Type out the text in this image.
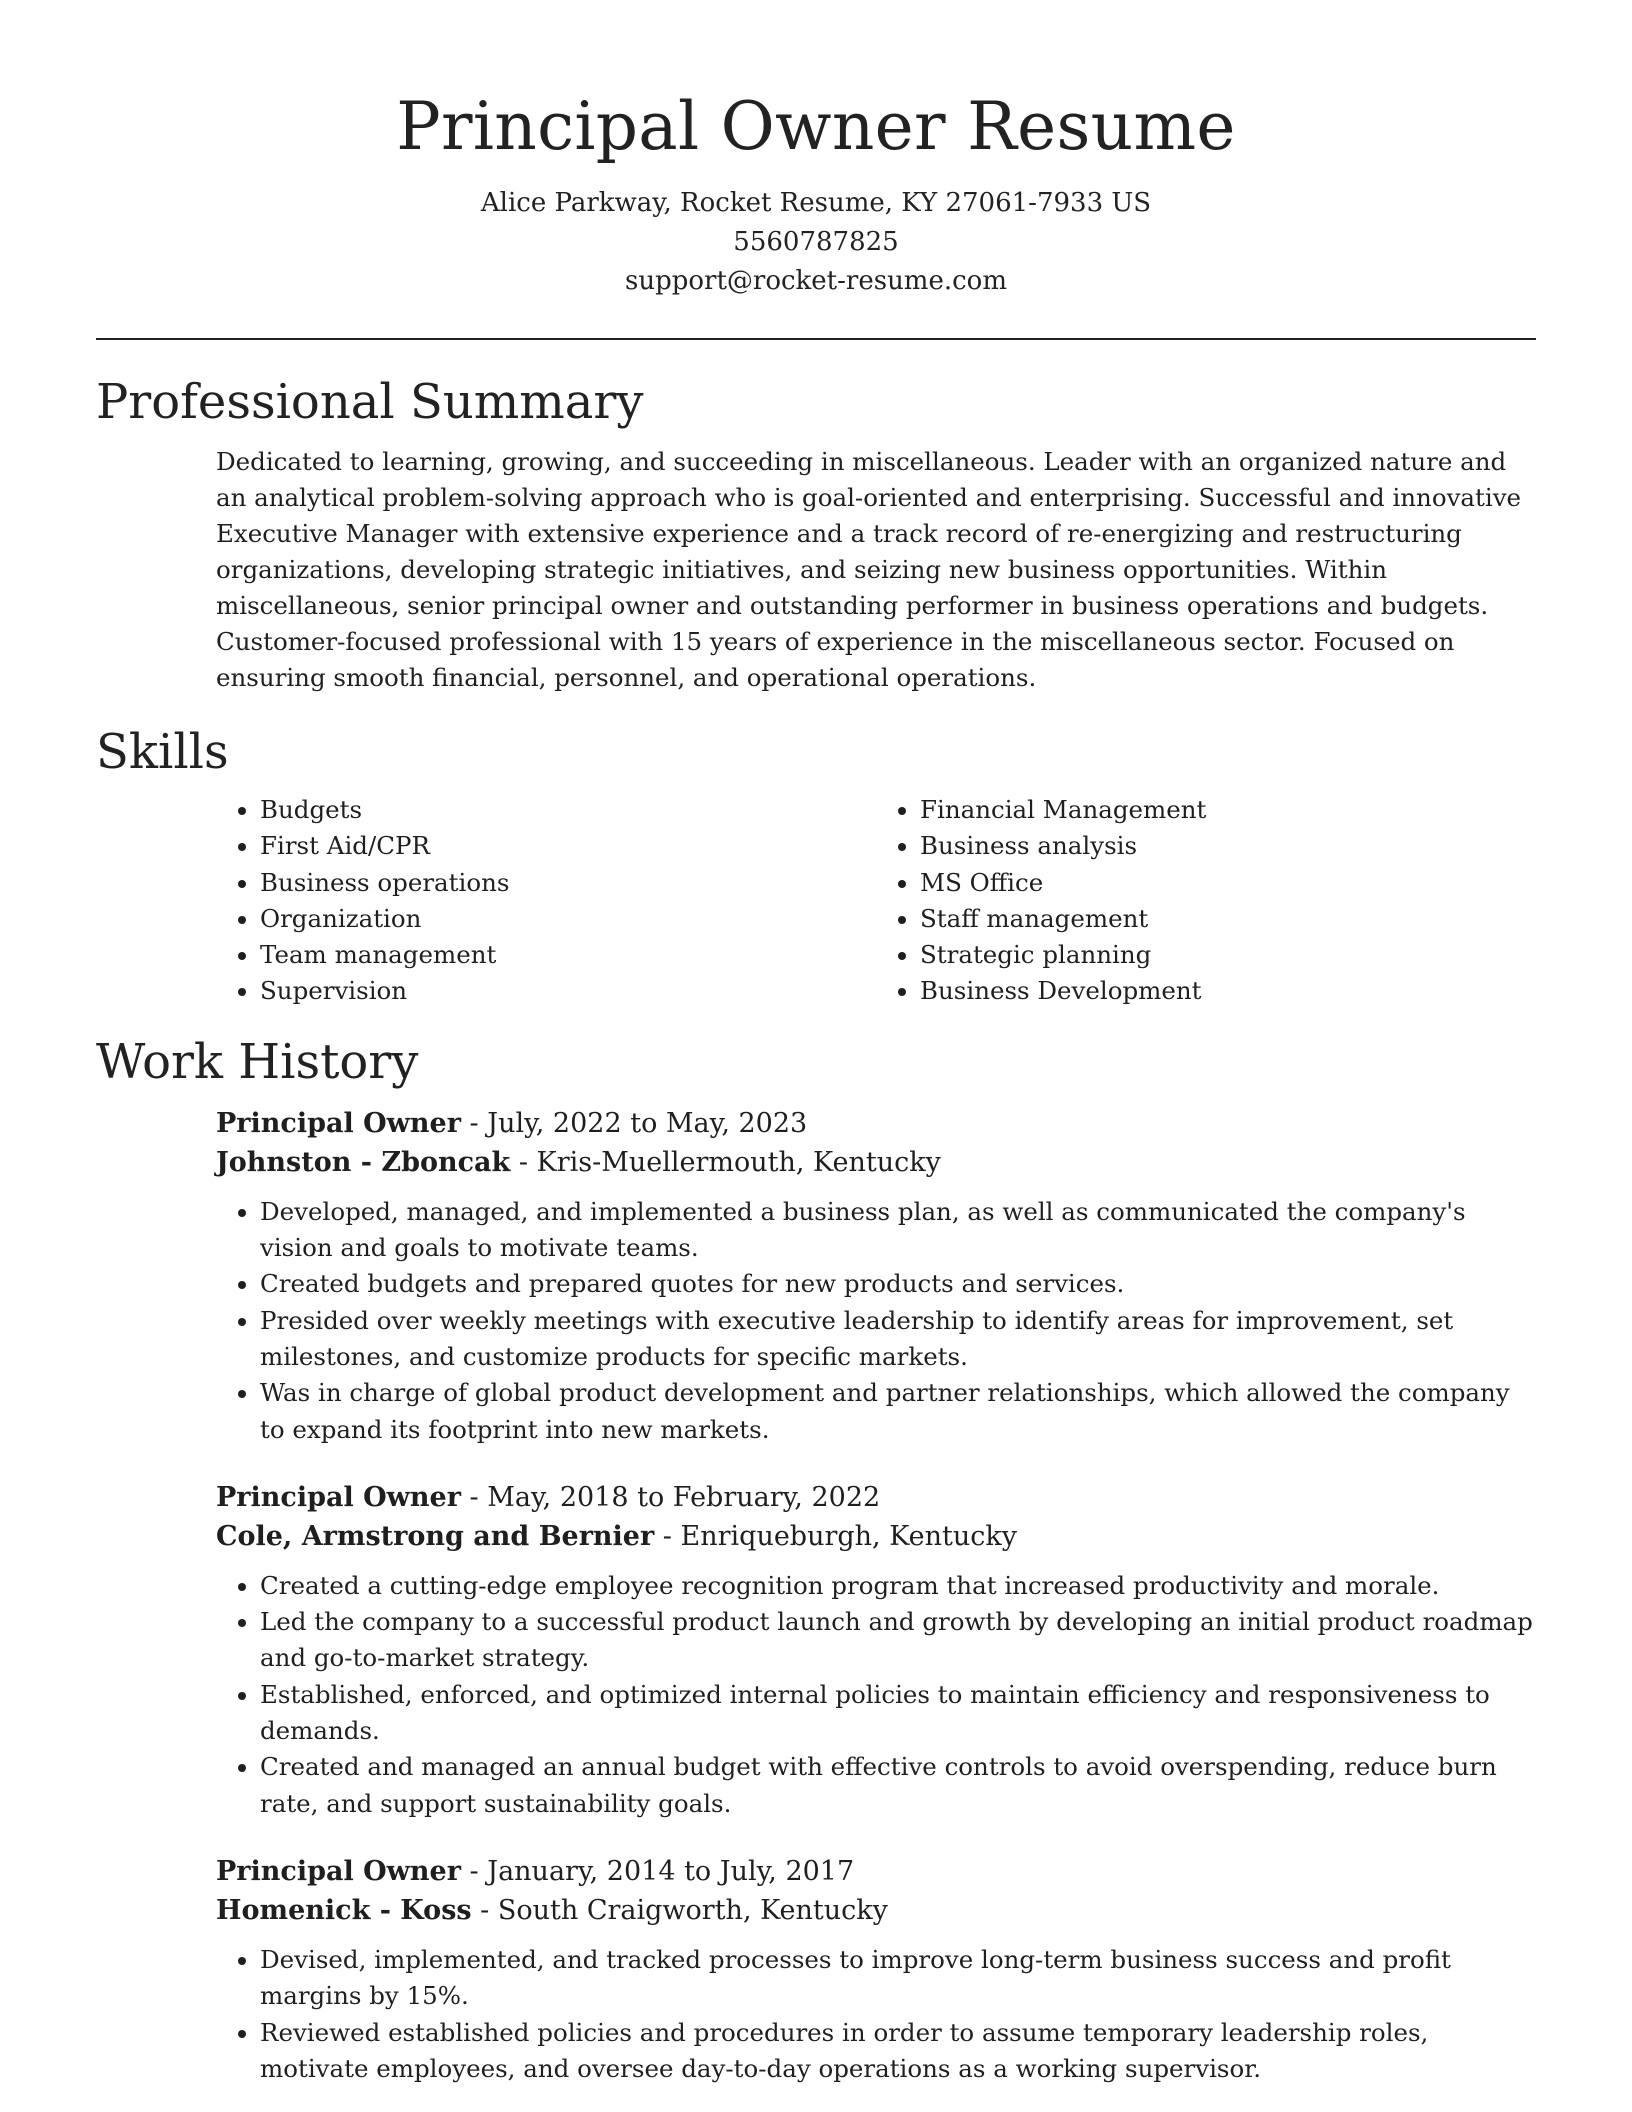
Principal Owner Resume
Alice Parkway, Rocket Resume, KY 27061-7933 US
5560787825
support@rocket-resume.com
Professional Summary

Dedicated to learning, growing, and succeeding in miscellaneous. Leader with an organized nature and an analytical problem-solving approach who is goal-oriented and enterprising. Successful and innovative Executive Manager with extensive experience and a track record of re-energizing and restructuring organizations, developing strategic initiatives, and seizing new business opportunities. Within miscellaneous, senior principal owner and outstanding performer in business operations and budgets. Customer-focused professional with 15 years of experience in the miscellaneous sector. Focused on ensuring smooth financial, personnel, and operational operations.

Skills
• Budgets
• First Aid/CPR
• Business operations
• Organization
• Team management
• Supervision
• Financial Management
• Business analysis
• MS Office
• Staff management
• Strategic planning
• Business Development
Work History
Principal Owner - July, 2022 to May, 2023
Johnston - Zboncak - Kris-Muellermouth, Kentucky
• Developed, managed, and implemented a business plan, as well as communicated the company's vision and goals to motivate teams.
• Created budgets and prepared quotes for new products and services.
• Presided over weekly meetings with executive leadership to identify areas for improvement, set milestones, and customize products for specific markets.
• Was in charge of global product development and partner relationships, which allowed the company to expand its footprint into new markets.
Principal Owner - May, 2018 to February, 2022
Cole, Armstrong and Bernier - Enriqueburgh, Kentucky
• Created a cutting-edge employee recognition program that increased productivity and morale.
• Led the company to a successful product launch and growth by developing an initial product roadmap and go-to-market strategy.
• Established, enforced, and optimized internal policies to maintain efficiency and responsiveness to demands.
• Created and managed an annual budget with effective controls to avoid overspending, reduce burn rate, and support sustainability goals.
Principal Owner - January, 2014 to July, 2017
Homenick - Koss - South Craigworth, Kentucky
• Devised, implemented, and tracked processes to improve long-term business success and profit margins by 15%.
• Reviewed established policies and procedures in order to assume temporary leadership roles, motivate employees, and oversee day-to-day operations as a working supervisor.
